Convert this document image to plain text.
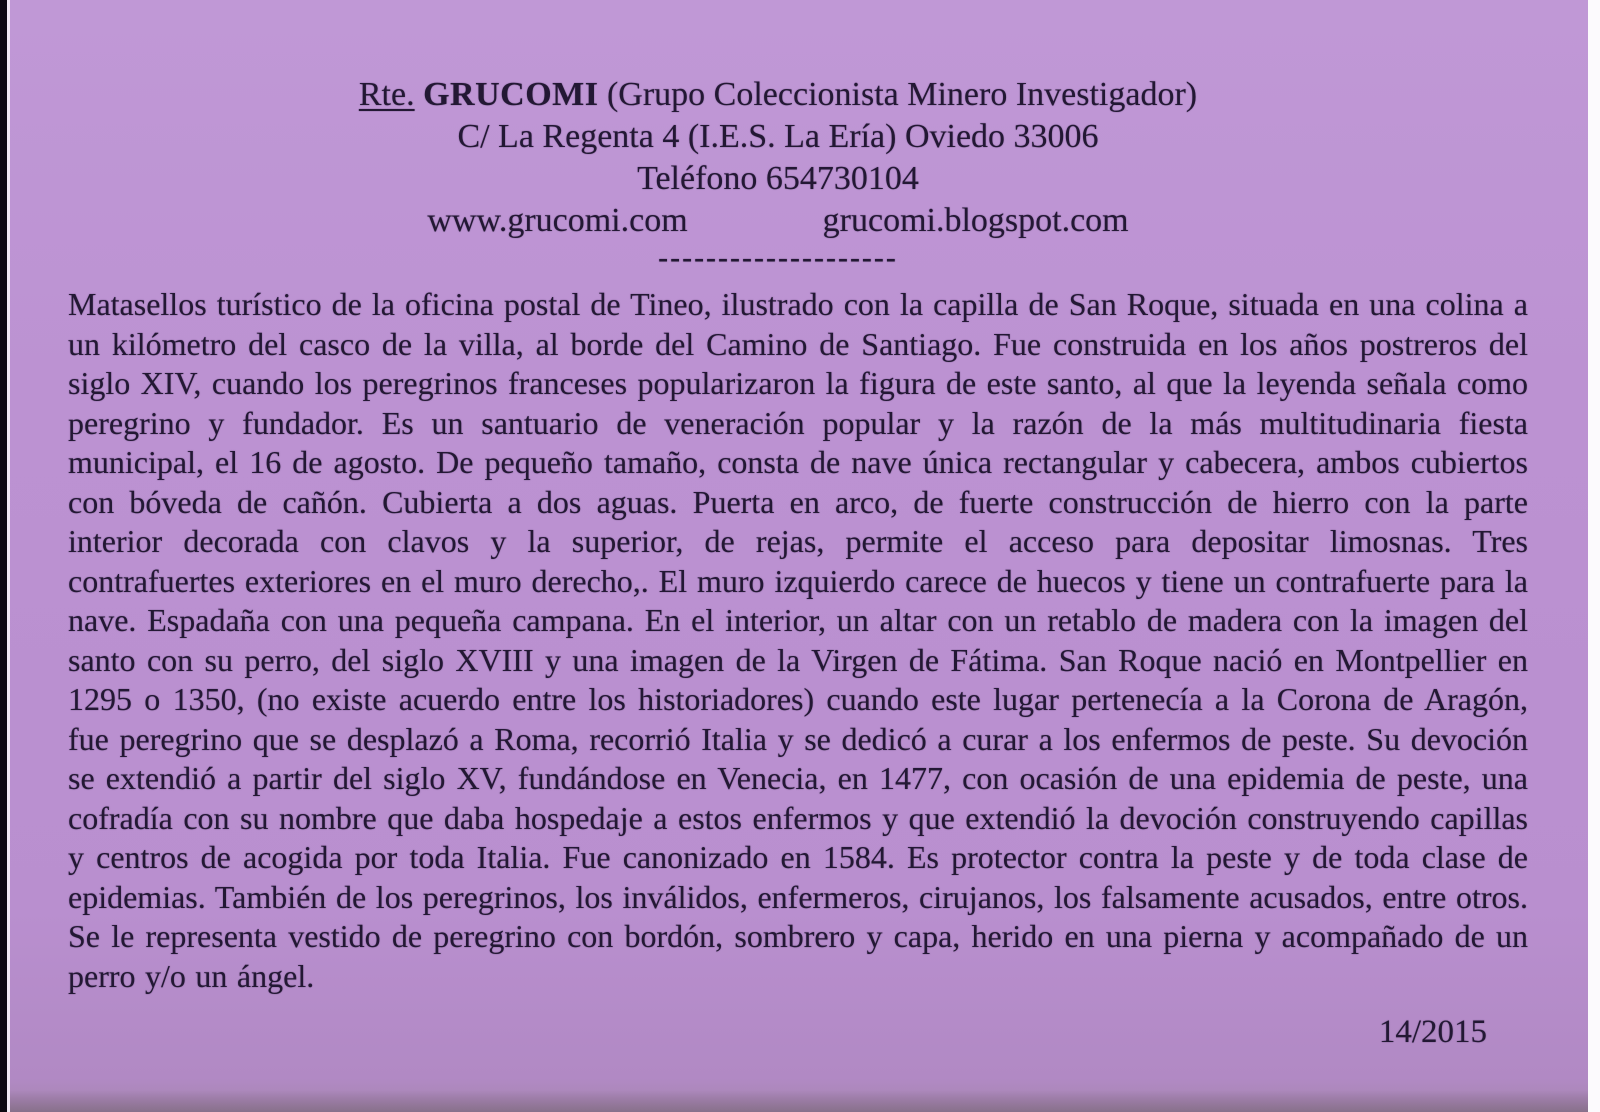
Rte. GRUCOMI (Grupo Coleccionista Minero Investigador)
C/ La Regenta 4 (I.E.S. La Ería) Oviedo 33006
Teléfono 654730104
www.grucomi.com	grucomi.blogspot.com
--------------------

Matasellos turístico de la oficina postal de Tineo, ilustrado con la capilla de San Roque, situada en una colina a un kilómetro del casco de la villa, al borde del Camino de Santiago. Fue construida en los años postreros del siglo XIV, cuando los peregrinos franceses popularizaron la figura de este santo, al que la leyenda señala como peregrino y fundador. Es un santuario de veneración popular y la razón de la más multitudinaria fiesta municipal, el 16 de agosto. De pequeño tamaño, consta de nave única rectangular y cabecera, ambos cubiertos con bóveda de cañón. Cubierta a dos aguas. Puerta en arco, de fuerte construcción de hierro con la parte interior decorada con clavos y la superior, de rejas, permite el acceso para depositar limosnas. Tres contrafuertes exteriores en el muro derecho,. El muro izquierdo carece de huecos y tiene un contrafuerte para la nave. Espadaña con una pequeña campana. En el interior, un altar con un retablo de madera con la imagen del santo con su perro, del siglo XVIII y una imagen de la Virgen de Fátima. San Roque nació en Montpellier en 1295 o 1350, (no existe acuerdo entre los historiadores) cuando este lugar pertenecía a la Corona de Aragón, fue peregrino que se desplazó a Roma, recorrió Italia y se dedicó a curar a los enfermos de peste. Su devoción se extendió a partir del siglo XV, fundándose en Venecia, en 1477, con ocasión de una epidemia de peste, una cofradía con su nombre que daba hospedaje a estos enfermos y que extendió la devoción construyendo capillas y centros de acogida por toda Italia. Fue canonizado en 1584. Es protector contra la peste y de toda clase de epidemias. También de los peregrinos, los inválidos, enfermeros, cirujanos, los falsamente acusados, entre otros. Se le representa vestido de peregrino con bordón, sombrero y capa, herido en una pierna y acompañado de un perro y/o un ángel.

14/2015
